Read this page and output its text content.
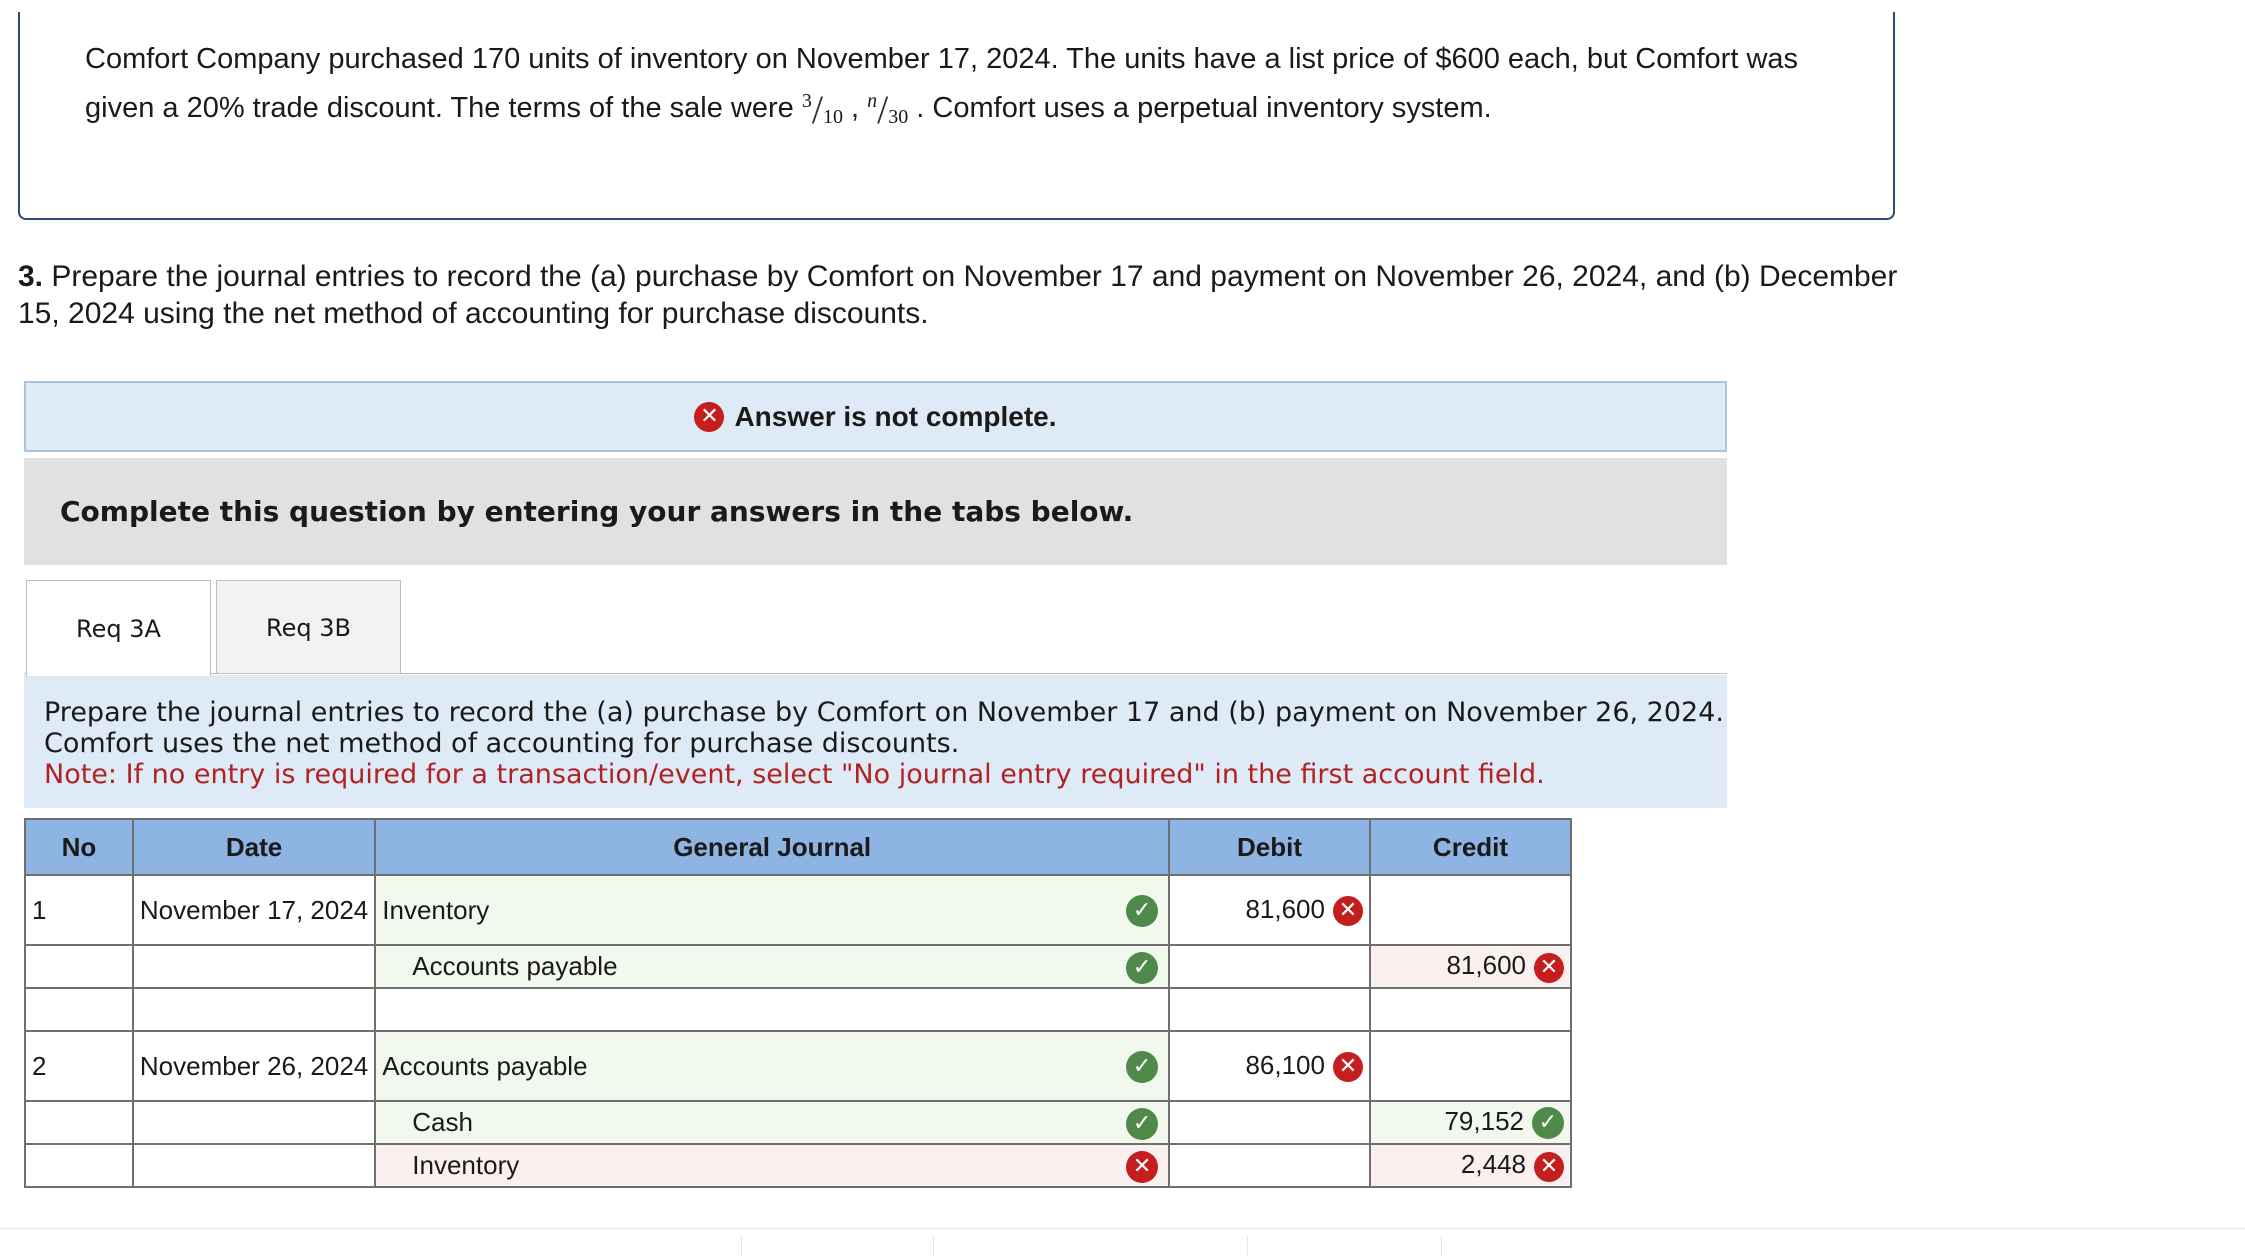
Comfort Company purchased 170 units of inventory on November 17, 2024. The units have a list price of $600 each, but Comfort was given a 20% trade discount. The terms of the sale were $^3/_{10}$ , $^n/_{30}$ . Comfort uses a perpetual inventory system.
3. Prepare the journal entries to record the (a) purchase by Comfort on November 17 and payment on November 26, 2024, and (b) December 15, 2024 using the net method of accounting for purchase discounts.
✕ Answer is not complete.
Complete this question by entering your answers in the tabs below.
Req 3A	Req 3B
Prepare the journal entries to record the (a) purchase by Comfort on November 17 and (b) payment on November 26, 2024. Comfort uses the net method of accounting for purchase discounts.
Note: If no entry is required for a transaction/event, select "No journal entry required" in the first account field.
No	Date	General Journal	Debit	Credit
1	November 17, 2024	Inventory ✓	81,600 ✕	
		Accounts payable ✓		81,600 ✕

2	November 26, 2024	Accounts payable ✓	86,100 ✕	
		Cash ✓		79,152 ✓
		Inventory ✕		2,448 ✕
